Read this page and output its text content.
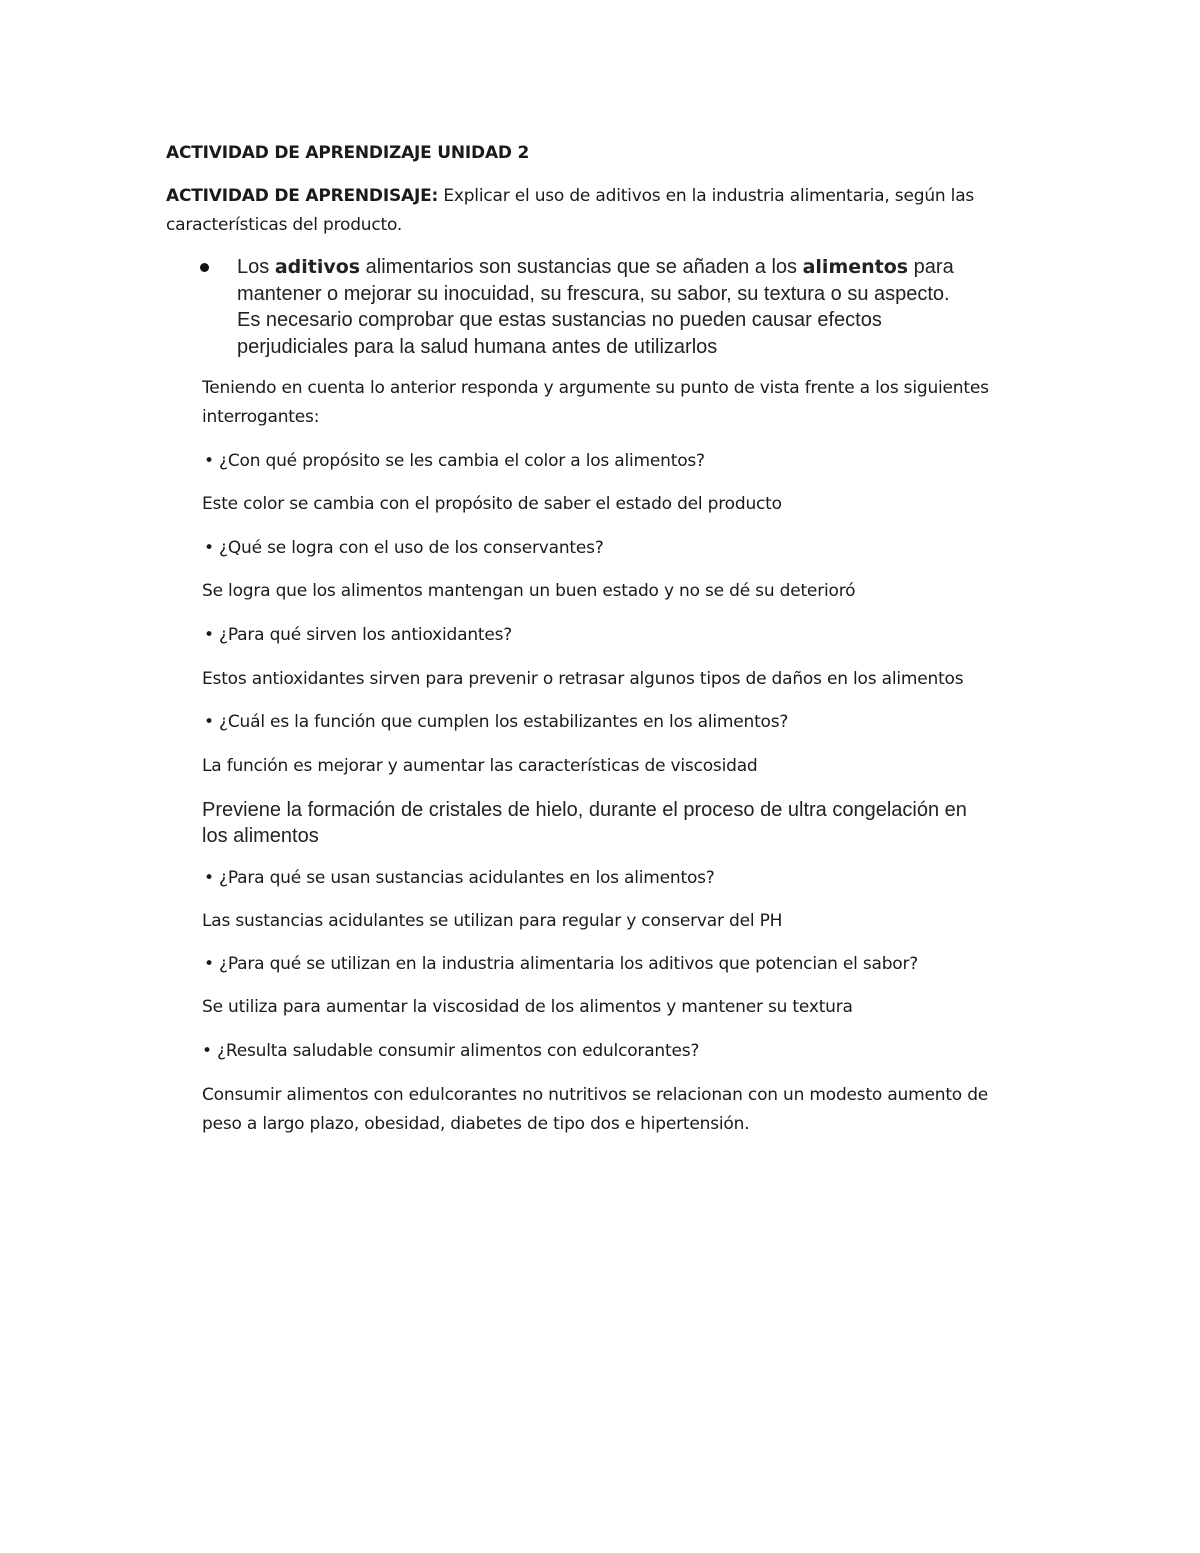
ACTIVIDAD DE APRENDIZAJE UNIDAD 2

ACTIVIDAD DE APRENDISAJE: Explicar el uso de aditivos en la industria alimentaria, según las

características del producto.

Los aditivos alimentarios son sustancias que se añaden a los alimentos para

mantener o mejorar su inocuidad, su frescura, su sabor, su textura o su aspecto.

Es necesario comprobar que estas sustancias no pueden causar efectos

perjudiciales para la salud humana antes de utilizarlos

Teniendo en cuenta lo anterior responda y argumente su punto de vista frente a los siguientes

interrogantes:

• ¿Con qué propósito se les cambia el color a los alimentos?

Este color se cambia con el propósito de saber el estado del producto

• ¿Qué se logra con el uso de los conservantes?

Se logra que los alimentos mantengan un buen estado y no se dé su deterioró

• ¿Para qué sirven los antioxidantes?

Estos antioxidantes sirven para prevenir o retrasar algunos tipos de daños en los alimentos

• ¿Cuál es la función que cumplen los estabilizantes en los alimentos?

La función es mejorar y aumentar las características de viscosidad

Previene la formación de cristales de hielo, durante el proceso de ultra congelación en

los alimentos

• ¿Para qué se usan sustancias acidulantes en los alimentos?

Las sustancias acidulantes se utilizan para regular y conservar del PH

• ¿Para qué se utilizan en la industria alimentaria los aditivos que potencian el sabor?

Se utiliza para aumentar la viscosidad de los alimentos y mantener su textura

• ¿Resulta saludable consumir alimentos con edulcorantes?

Consumir alimentos con edulcorantes no nutritivos se relacionan con un modesto aumento de

peso a largo plazo, obesidad, diabetes de tipo dos e hipertensión.
